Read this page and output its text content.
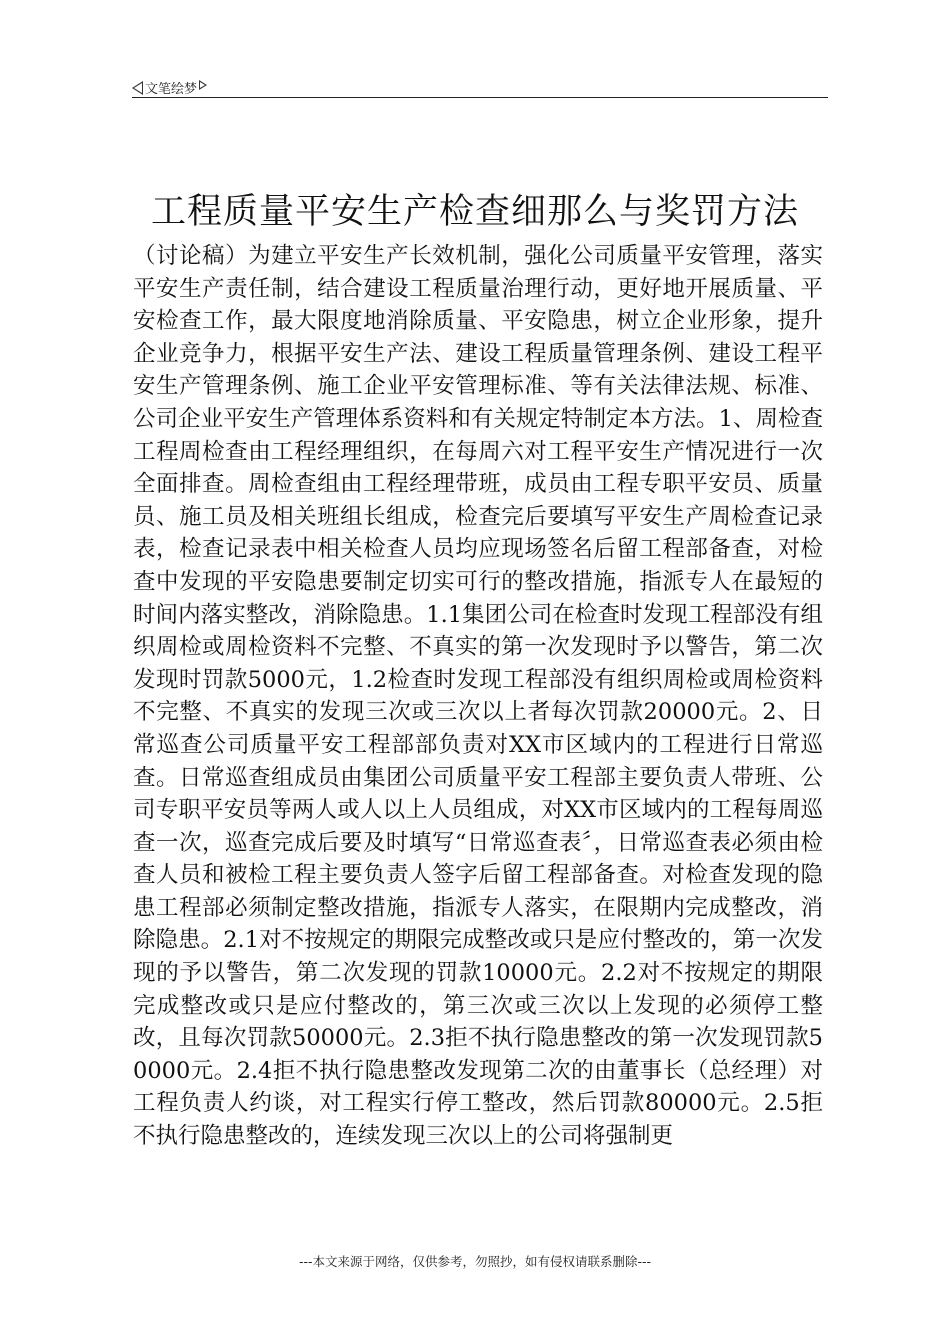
文笔绘梦
工程质量平安生产检查细那么与奖罚方法

（讨论稿）为建立平安生产长效机制，强化公司质量平安管理，落实平安生产责任制，结合建设工程质量治理行动，更好地开展质量、平安检查工作，最大限度地消除质量、平安隐患，树立企业形象，提升企业竞争力，根据平安生产法、建设工程质量管理条例、建设工程平安生产管理条例、施工企业平安管理标准、等有关法律法规、标准、公司企业平安生产管理体系资料和有关规定特制定本方法。1、周检查工程周检查由工程经理组织，在每周六对工程平安生产情况进行一次全面排查。周检查组由工程经理带班，成员由工程专职平安员、质量员、施工员及相关班组长组成，检查完后要填写平安生产周检查记录表，检查记录表中相关检查人员均应现场签名后留工程部备查，对检查中发现的平安隐患要制定切实可行的整改措施，指派专人在最短的时间内落实整改，消除隐患。1.1集团公司在检查时发现工程部没有组织周检或周检资料不完整、不真实的第一次发现时予以警告，第二次发现时罚款5000元，1.2检查时发现工程部没有组织周检或周检资料不完整、不真实的发现三次或三次以上者每次罚款20000元。2、日常巡查公司质量平安工程部部负责对XX市区域内的工程进行日常巡查。日常巡查组成员由集团公司质量平安工程部主要负责人带班、公司专职平安员等两人或人以上人员组成，对XX市区域内的工程每周巡查一次，巡查完成后要及时填写“日常巡查表〞，日常巡查表必须由检查人员和被检工程主要负责人签字后留工程部备查。对检查发现的隐患工程部必须制定整改措施，指派专人落实，在限期内完成整改，消除隐患。2.1对不按规定的期限完成整改或只是应付整改的，第一次发现的予以警告，第二次发现的罚款10000元。2.2对不按规定的期限完成整改或只是应付整改的，第三次或三次以上发现的必须停工整改，且每次罚款50000元。2.3拒不执行隐患整改的第一次发现罚款50000元。2.4拒不执行隐患整改发现第二次的由董事长（总经理）对工程负责人约谈，对工程实行停工整改，然后罚款80000元。2.5拒不执行隐患整改的，连续发现三次以上的公司将强制更

---本文来源于网络，仅供参考，勿照抄，如有侵权请联系删除---
